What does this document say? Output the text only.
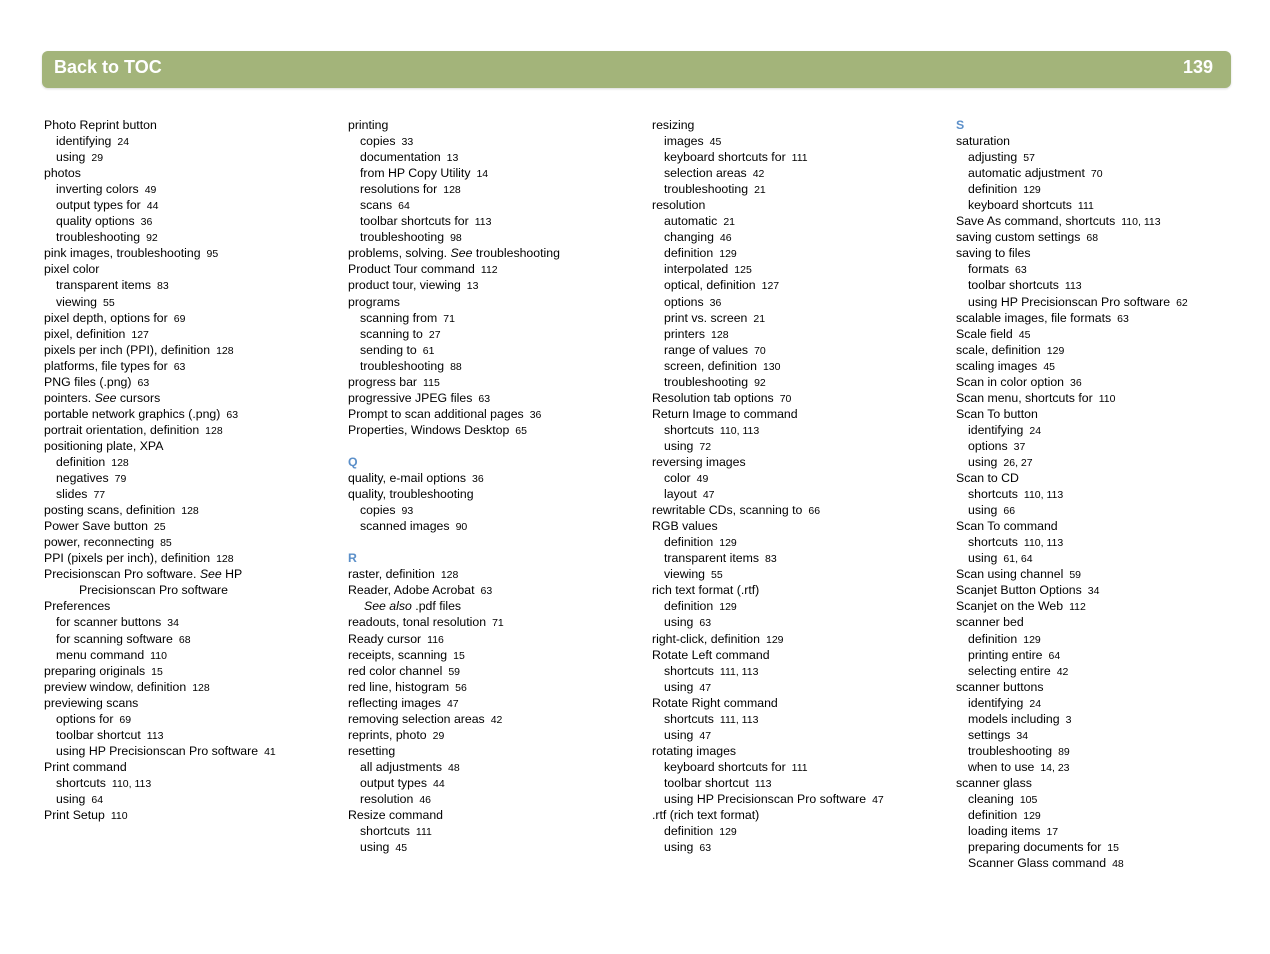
Back to TOC	139
Photo Reprint button
identifying 24
using 29
photos
inverting colors 49
output types for 44
quality options 36
troubleshooting 92
pink images, troubleshooting 95
pixel color
transparent items 83
viewing 55
pixel depth, options for 69
pixel, definition 127
pixels per inch (PPI), definition 128
platforms, file types for 63
PNG files (.png) 63
pointers. See cursors
portable network graphics (.png) 63
portrait orientation, definition 128
positioning plate, XPA
definition 128
negatives 79
slides 77
posting scans, definition 128
Power Save button 25
power, reconnecting 85
PPI (pixels per inch), definition 128
Precisionscan Pro software. See HP
Precisionscan Pro software
Preferences
for scanner buttons 34
for scanning software 68
menu command 110
preparing originals 15
preview window, definition 128
previewing scans
options for 69
toolbar shortcut 113
using HP Precisionscan Pro software 41
Print command
shortcuts 110, 113
using 64
Print Setup 110
printing
copies 33
documentation 13
from HP Copy Utility 14
resolutions for 128
scans 64
toolbar shortcuts for 113
troubleshooting 98
problems, solving. See troubleshooting
Product Tour command 112
product tour, viewing 13
programs
scanning from 71
scanning to 27
sending to 61
troubleshooting 88
progress bar 115
progressive JPEG files 63
Prompt to scan additional pages 36
Properties, Windows Desktop 65
Q
quality, e-mail options 36
quality, troubleshooting
copies 93
scanned images 90
R
raster, definition 128
Reader, Adobe Acrobat 63
See also .pdf files
readouts, tonal resolution 71
Ready cursor 116
receipts, scanning 15
red color channel 59
red line, histogram 56
reflecting images 47
removing selection areas 42
reprints, photo 29
resetting
all adjustments 48
output types 44
resolution 46
Resize command
shortcuts 111
using 45
resizing
images 45
keyboard shortcuts for 111
selection areas 42
troubleshooting 21
resolution
automatic 21
changing 46
definition 129
interpolated 125
optical, definition 127
options 36
print vs. screen 21
printers 128
range of values 70
screen, definition 130
troubleshooting 92
Resolution tab options 70
Return Image to command
shortcuts 110, 113
using 72
reversing images
color 49
layout 47
rewritable CDs, scanning to 66
RGB values
definition 129
transparent items 83
viewing 55
rich text format (.rtf)
definition 129
using 63
right-click, definition 129
Rotate Left command
shortcuts 111, 113
using 47
Rotate Right command
shortcuts 111, 113
using 47
rotating images
keyboard shortcuts for 111
toolbar shortcut 113
using HP Precisionscan Pro software 47
.rtf (rich text format)
definition 129
using 63
S
saturation
adjusting 57
automatic adjustment 70
definition 129
keyboard shortcuts 111
Save As command, shortcuts 110, 113
saving custom settings 68
saving to files
formats 63
toolbar shortcuts 113
using HP Precisionscan Pro software 62
scalable images, file formats 63
Scale field 45
scale, definition 129
scaling images 45
Scan in color option 36
Scan menu, shortcuts for 110
Scan To button
identifying 24
options 37
using 26, 27
Scan to CD
shortcuts 110, 113
using 66
Scan To command
shortcuts 110, 113
using 61, 64
Scan using channel 59
Scanjet Button Options 34
Scanjet on the Web 112
scanner bed
definition 129
printing entire 64
selecting entire 42
scanner buttons
identifying 24
models including 3
settings 34
troubleshooting 89
when to use 14, 23
scanner glass
cleaning 105
definition 129
loading items 17
preparing documents for 15
Scanner Glass command 48
